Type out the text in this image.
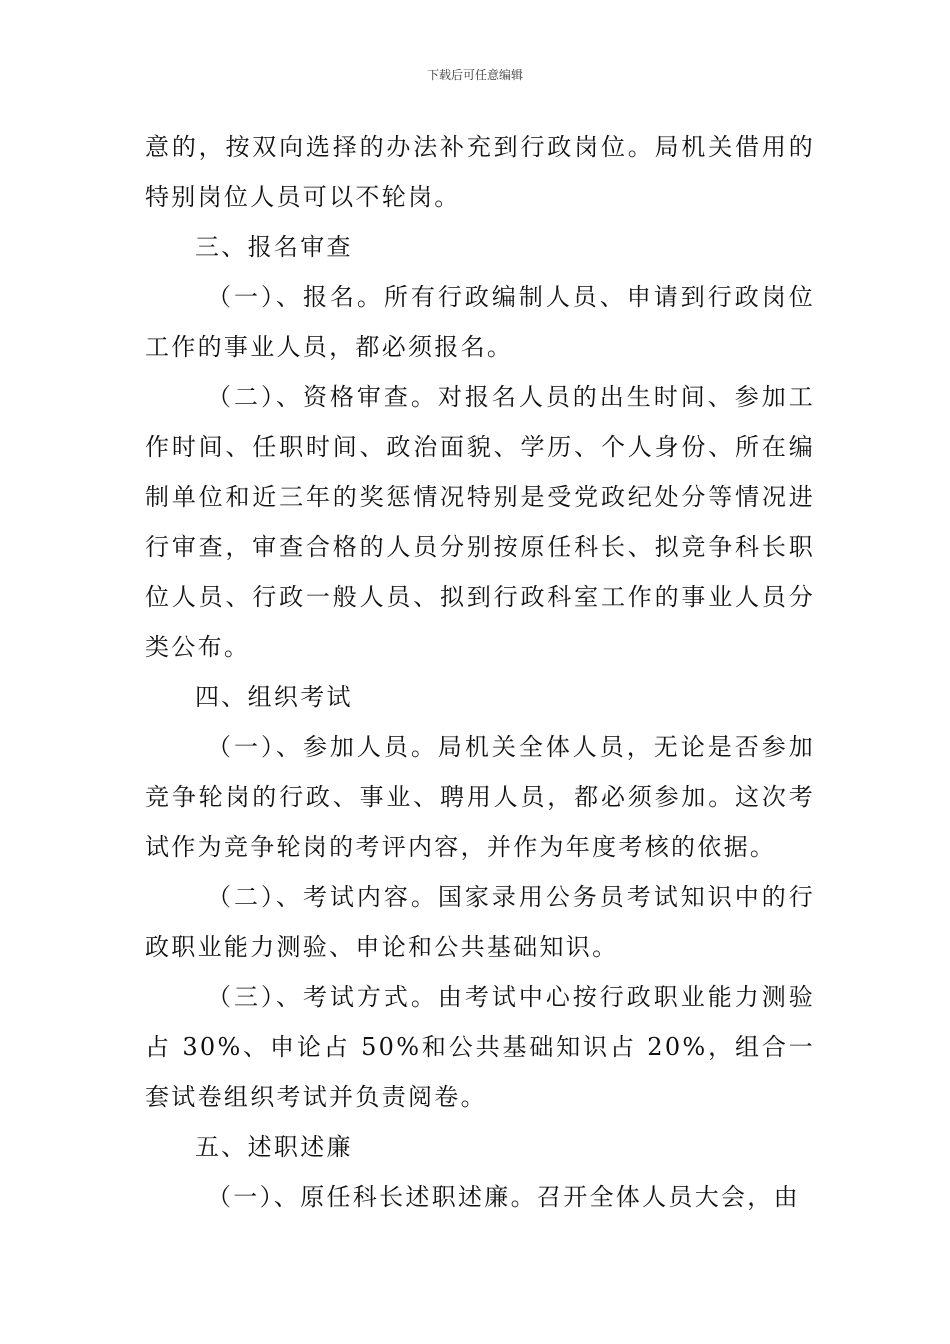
下载后可任意编辑

意的，按双向选择的办法补充到行政岗位。局机关借用的特别岗位人员可以不轮岗。

三、报名审查

（一）、报名。所有行政编制人员、申请到行政岗位工作的事业人员，都必须报名。

（二）、资格审查。对报名人员的出生时间、参加工作时间、任职时间、政治面貌、学历、个人身份、所在编制单位和近三年的奖惩情况特别是受党政纪处分等情况进行审查，审查合格的人员分别按原任科长、拟竞争科长职位人员、行政一般人员、拟到行政科室工作的事业人员分类公布。

四、组织考试

（一）、参加人员。局机关全体人员，无论是否参加竞争轮岗的行政、事业、聘用人员，都必须参加。这次考试作为竞争轮岗的考评内容，并作为年度考核的依据。

（二）、考试内容。国家录用公务员考试知识中的行政职业能力测验、申论和公共基础知识。

（三）、考试方式。由考试中心按行政职业能力测验占 30%、申论占 50%和公共基础知识占 20%，组合一套试卷组织考试并负责阅卷。

五、述职述廉

（一）、原任科长述职述廉。召开全体人员大会，由
